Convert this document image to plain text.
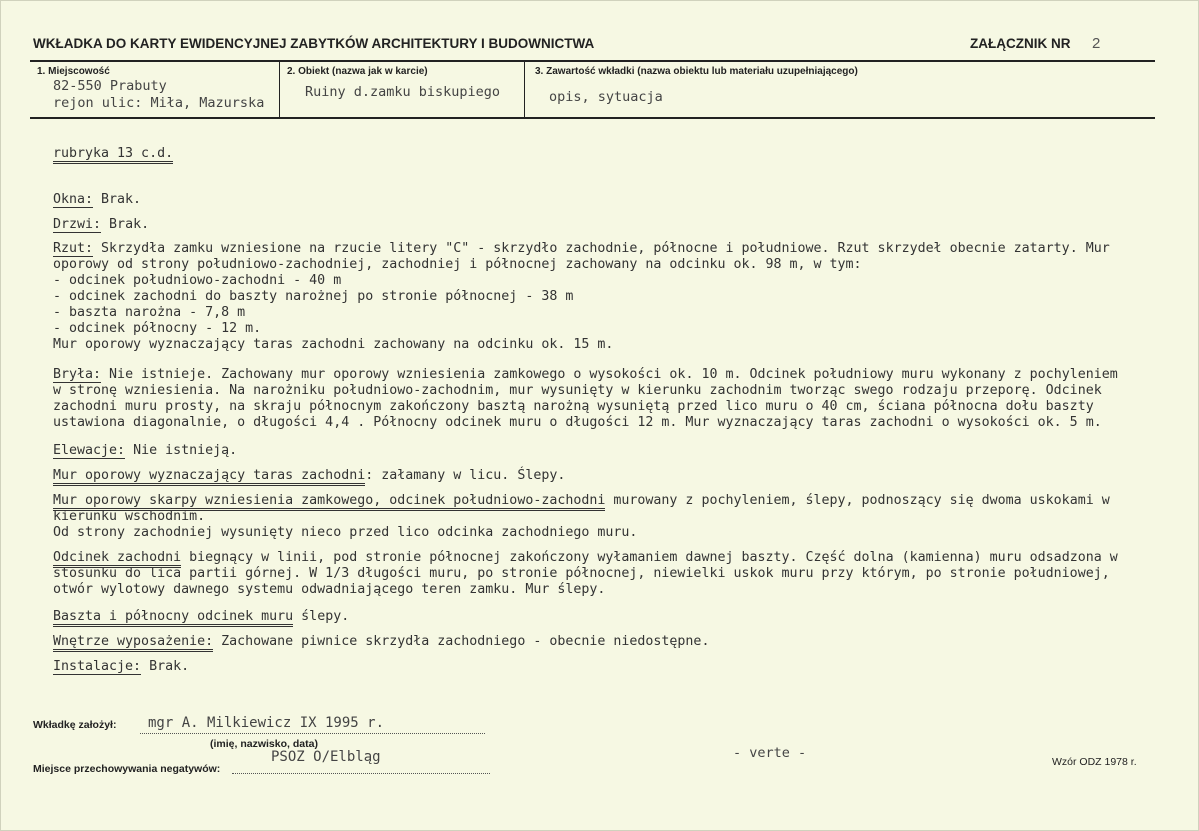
WKŁADKA DO KARTY EWIDENCYJNEJ ZABYTKÓW ARCHITEKTURY I BUDOWNICTWA	ZAŁĄCZNIK NR 2
1. Miejscowość
82-550 Prabuty
rejon ulic: Miła, Mazurska
2. Obiekt (nazwa jak w karcie)
Ruiny d.zamku biskupiego
3. Zawartość wkładki (nazwa obiektu lub materiału uzupełniającego)
opis, sytuacja
rubryka 13 c.d.
Okna: Brak.
Drzwi: Brak.
Rzut: Skrzydła zamku wzniesione na rzucie litery "C" - skrzydło zachodnie, północne i południowe. Rzut skrzydeł obecnie zatarty. Mur
oporowy od strony południowo-zachodniej, zachodniej i północnej zachowany na odcinku ok. 98 m, w tym:
- odcinek południowo-zachodni - 40 m
- odcinek zachodni do baszty narożnej po stronie północnej - 38 m
- baszta narożna - 7,8 m
- odcinek północny - 12 m.
Mur oporowy wyznaczający taras zachodni zachowany na odcinku ok. 15 m.
Bryła: Nie istnieje. Zachowany mur oporowy wzniesienia zamkowego o wysokości ok. 10 m. Odcinek południowy muru wykonany z pochyleniem
w stronę wzniesienia. Na narożniku południowo-zachodnim, mur wysunięty w kierunku zachodnim tworząc swego rodzaju przeporę. Odcinek
zachodni muru prosty, na skraju północnym zakończony basztą narożną wysuniętą przed lico muru o 40 cm, ściana północna dołu baszty
ustawiona diagonalnie, o długości 4,4 . Północny odcinek muru o długości 12 m. Mur wyznaczający taras zachodni o wysokości ok. 5 m.
Elewacje: Nie istnieją.
Mur oporowy wyznaczający taras zachodni: załamany w licu. Ślepy.
Mur oporowy skarpy wzniesienia zamkowego, odcinek południowo-zachodni murowany z pochyleniem, ślepy, podnoszący się dwoma uskokami w
kierunku wschodnim.
Od strony zachodniej wysunięty nieco przed lico odcinka zachodniego muru.
Odcinek zachodni biegnący w linii, pod stronie północnej zakończony wyłamaniem dawnej baszty. Część dolna (kamienna) muru odsadzona w
stosunku do lica partii górnej. W 1/3 długości muru, po stronie północnej, niewielki uskok muru przy którym, po stronie południowej,
otwór wylotowy dawnego systemu odwadniającego teren zamku. Mur ślepy.
Baszta i północny odcinek muru ślepy.
Wnętrze wyposażenie: Zachowane piwnice skrzydła zachodniego - obecnie niedostępne.
Instalacje: Brak.
Wkładkę założył: mgr A. Milkiewicz IX 1995 r.
(imię, nazwisko, data)
Miejsce przechowywania negatywów:
PSOZ O/Elbląg	- verte -
Wzór ODZ 1978 r.
